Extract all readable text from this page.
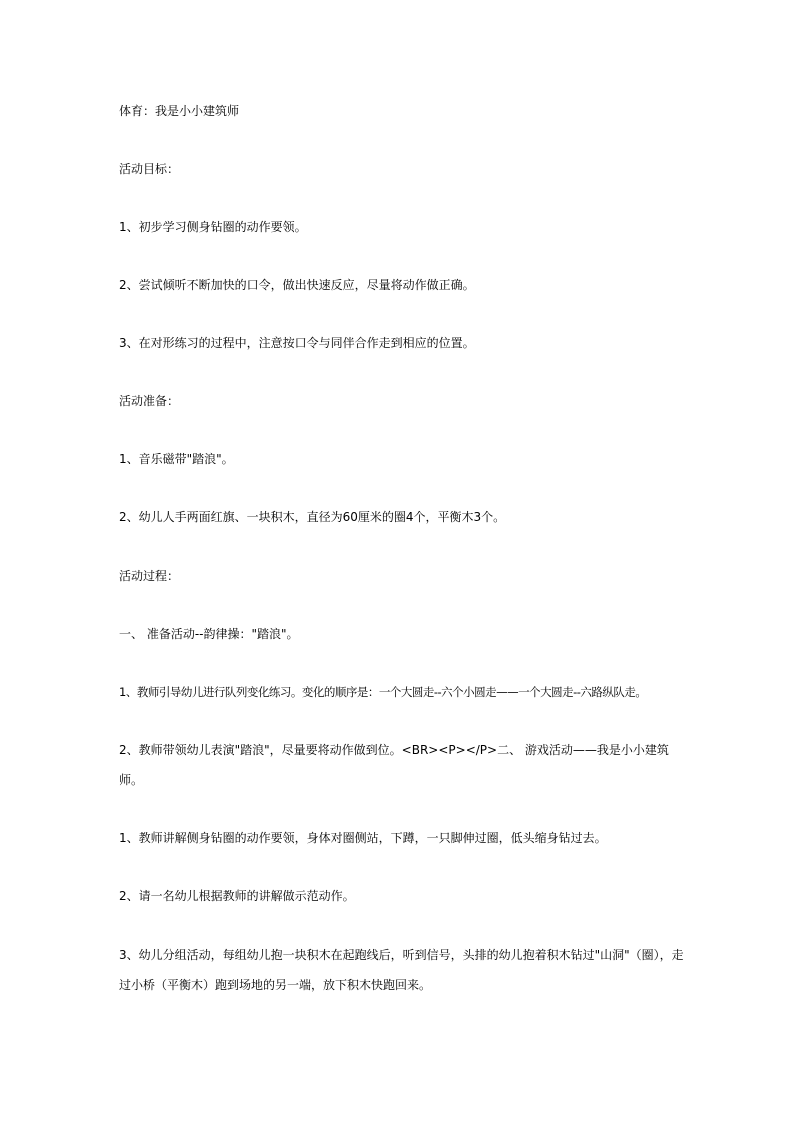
体育：我是小小建筑师
活动目标：
1、初步学习侧身钻圈的动作要领。
2、尝试倾听不断加快的口令，做出快速反应，尽量将动作做正确。
3、在对形练习的过程中，注意按口令与同伴合作走到相应的位置。
活动准备：
1、音乐磁带"踏浪"。
2、幼儿人手两面红旗、一块积木，直径为60厘米的圈4个，平衡木3个。
活动过程：
一、 准备活动--韵律操："踏浪"。
1、教师引导幼儿进行队列变化练习。变化的顺序是：一个大圆走--六个小圆走——一个大圆走--六路纵队走。
2、教师带领幼儿表演"踏浪"，尽量要将动作做到位。<BR><P></P>二、 游戏活动——我是小小建筑师。
1、教师讲解侧身钻圈的动作要领，身体对圈侧站，下蹲，一只脚伸过圈，低头缩身钻过去。
2、请一名幼儿根据教师的讲解做示范动作。
3、幼儿分组活动，每组幼儿抱一块积木在起跑线后，听到信号，头排的幼儿抱着积木钻过"山洞"（圈），走过小桥（平衡木）跑到场地的另一端，放下积木快跑回来。
